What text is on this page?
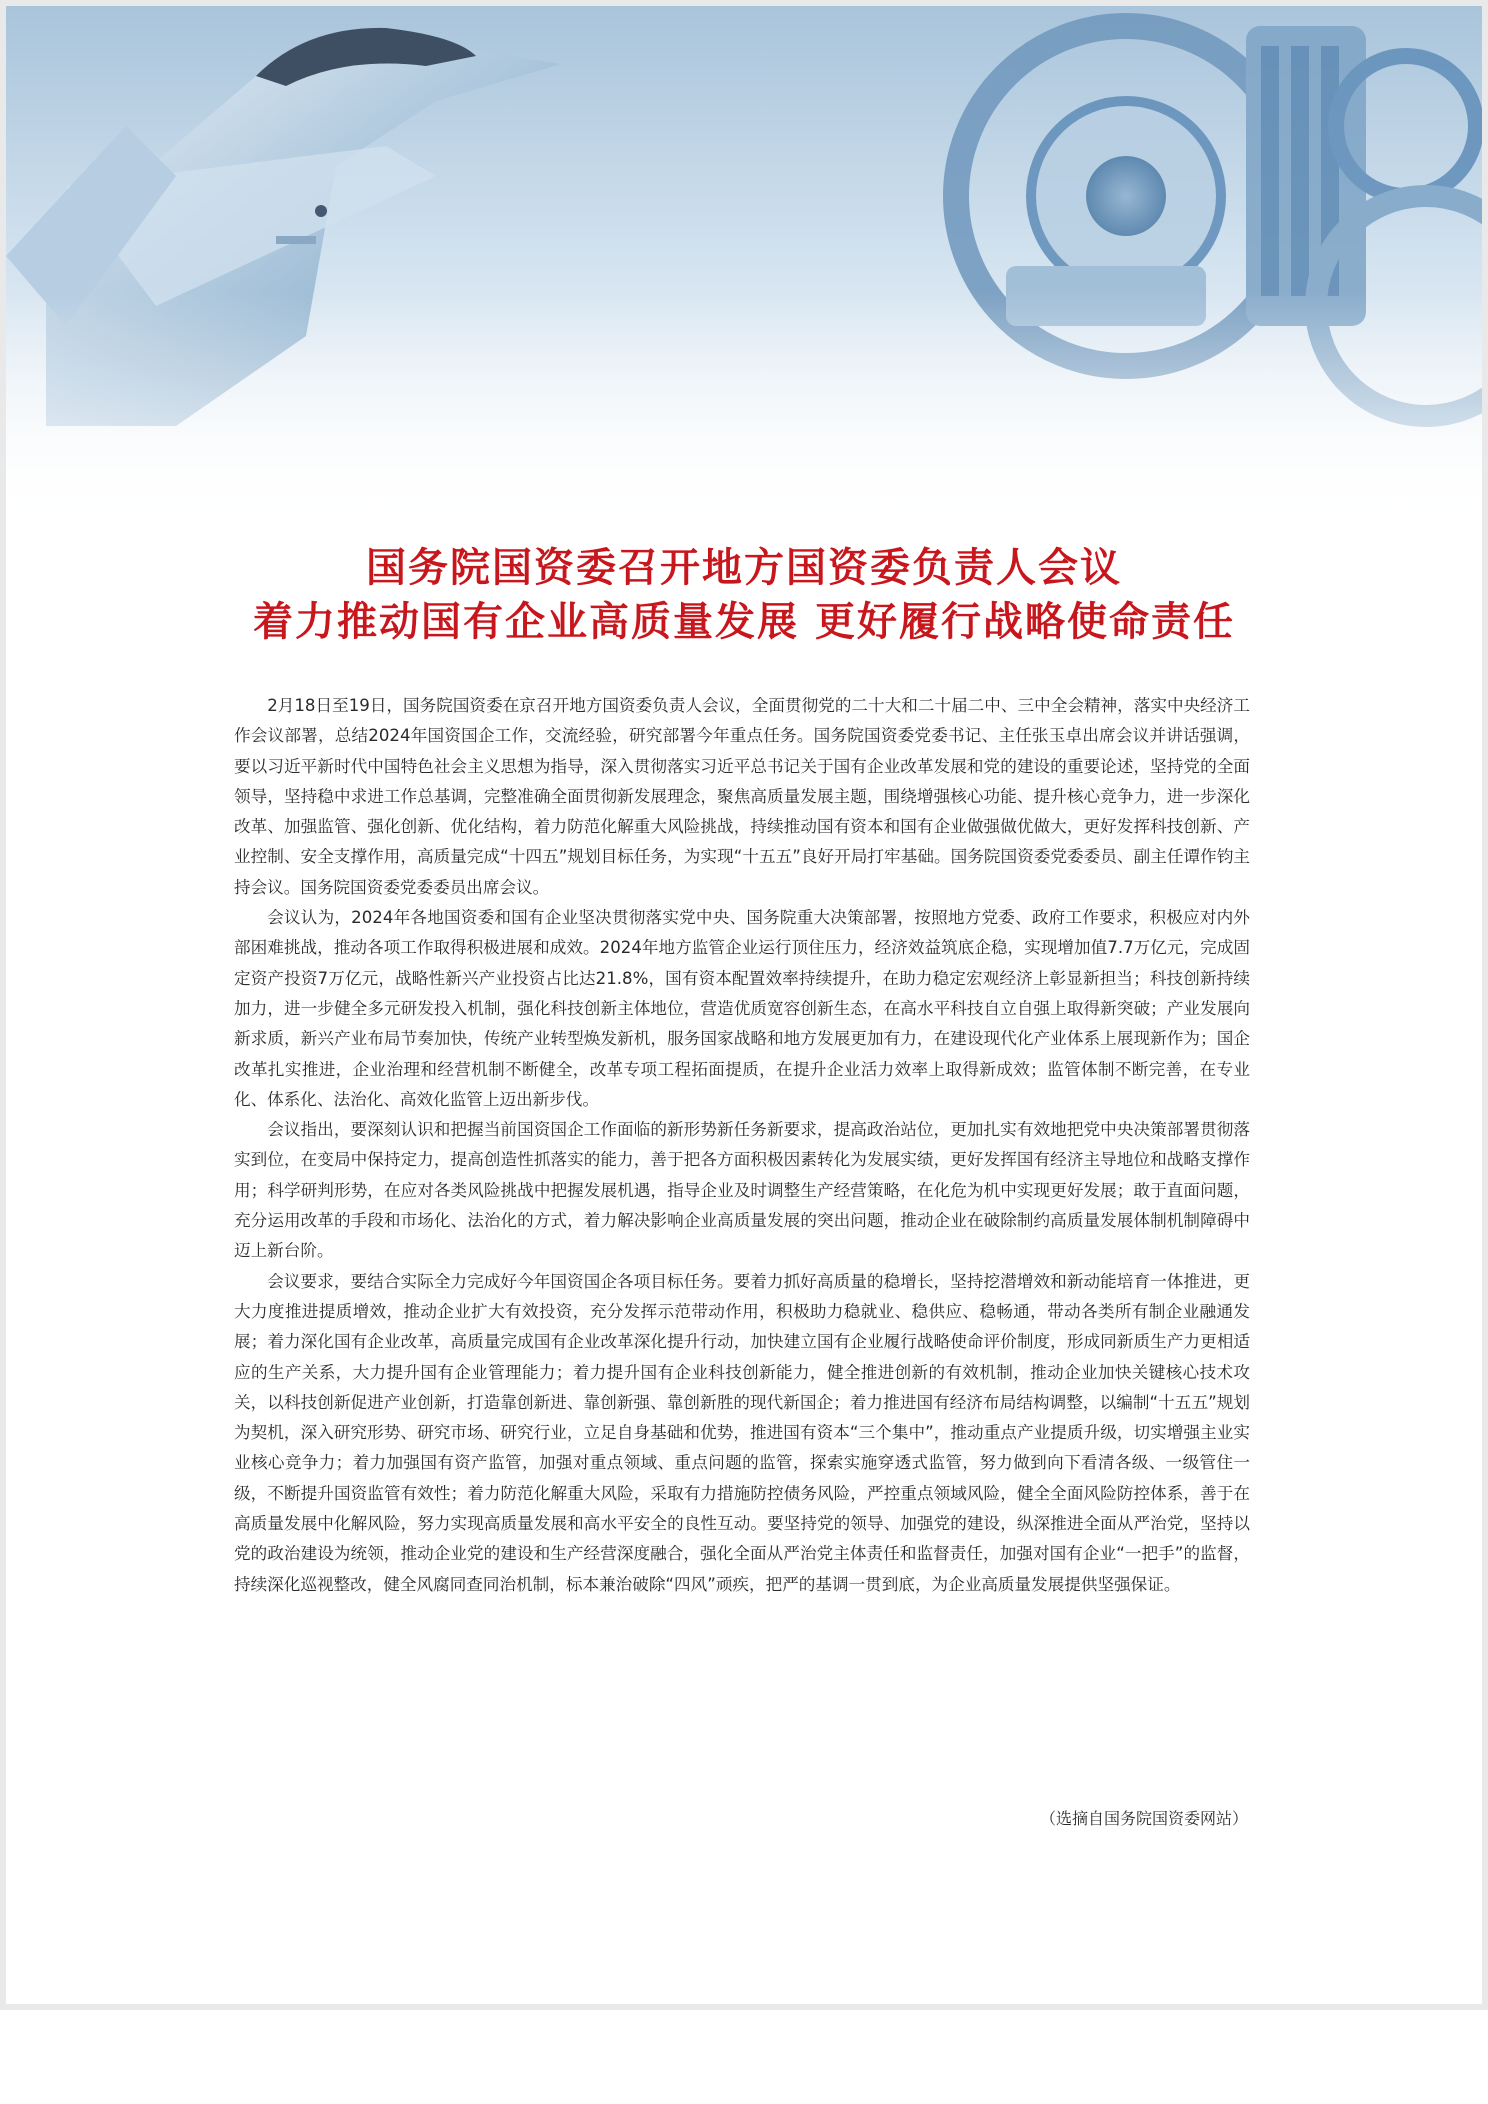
国务院国资委召开地方国资委负责人会议
着力推动国有企业高质量发展 更好履行战略使命责任

2月18日至19日，国务院国资委在京召开地方国资委负责人会议，全面贯彻党的二十大和二十届二中、三中全会精神，落实中央经济工作会议部署，总结2024年国资国企工作，交流经验，研究部署今年重点任务。国务院国资委党委书记、主任张玉卓出席会议并讲话强调，要以习近平新时代中国特色社会主义思想为指导，深入贯彻落实习近平总书记关于国有企业改革发展和党的建设的重要论述，坚持党的全面领导，坚持稳中求进工作总基调，完整准确全面贯彻新发展理念，聚焦高质量发展主题，围绕增强核心功能、提升核心竞争力，进一步深化改革、加强监管、强化创新、优化结构，着力防范化解重大风险挑战，持续推动国有资本和国有企业做强做优做大，更好发挥科技创新、产业控制、安全支撑作用，高质量完成“十四五”规划目标任务，为实现“十五五”良好开局打牢基础。国务院国资委党委委员、副主任谭作钧主持会议。国务院国资委党委委员出席会议。

会议认为，2024年各地国资委和国有企业坚决贯彻落实党中央、国务院重大决策部署，按照地方党委、政府工作要求，积极应对内外部困难挑战，推动各项工作取得积极进展和成效。2024年地方监管企业运行顶住压力，经济效益筑底企稳，实现增加值7.7万亿元，完成固定资产投资7万亿元，战略性新兴产业投资占比达21.8%，国有资本配置效率持续提升，在助力稳定宏观经济上彰显新担当；科技创新持续加力，进一步健全多元研发投入机制，强化科技创新主体地位，营造优质宽容创新生态，在高水平科技自立自强上取得新突破；产业发展向新求质，新兴产业布局节奏加快，传统产业转型焕发新机，服务国家战略和地方发展更加有力，在建设现代化产业体系上展现新作为；国企改革扎实推进，企业治理和经营机制不断健全，改革专项工程拓面提质，在提升企业活力效率上取得新成效；监管体制不断完善，在专业化、体系化、法治化、高效化监管上迈出新步伐。

会议指出，要深刻认识和把握当前国资国企工作面临的新形势新任务新要求，提高政治站位，更加扎实有效地把党中央决策部署贯彻落实到位，在变局中保持定力，提高创造性抓落实的能力，善于把各方面积极因素转化为发展实绩，更好发挥国有经济主导地位和战略支撑作用；科学研判形势，在应对各类风险挑战中把握发展机遇，指导企业及时调整生产经营策略，在化危为机中实现更好发展；敢于直面问题，充分运用改革的手段和市场化、法治化的方式，着力解决影响企业高质量发展的突出问题，推动企业在破除制约高质量发展体制机制障碍中迈上新台阶。

会议要求，要结合实际全力完成好今年国资国企各项目标任务。要着力抓好高质量的稳增长，坚持挖潜增效和新动能培育一体推进，更大力度推进提质增效，推动企业扩大有效投资，充分发挥示范带动作用，积极助力稳就业、稳供应、稳畅通，带动各类所有制企业融通发展；着力深化国有企业改革，高质量完成国有企业改革深化提升行动，加快建立国有企业履行战略使命评价制度，形成同新质生产力更相适应的生产关系，大力提升国有企业管理能力；着力提升国有企业科技创新能力，健全推进创新的有效机制，推动企业加快关键核心技术攻关，以科技创新促进产业创新，打造靠创新进、靠创新强、靠创新胜的现代新国企；着力推进国有经济布局结构调整，以编制“十五五”规划为契机，深入研究形势、研究市场、研究行业，立足自身基础和优势，推进国有资本“三个集中”，推动重点产业提质升级，切实增强主业实业核心竞争力；着力加强国有资产监管，加强对重点领域、重点问题的监管，探索实施穿透式监管，努力做到向下看清各级、一级管住一级，不断提升国资监管有效性；着力防范化解重大风险，采取有力措施防控债务风险，严控重点领域风险，健全全面风险防控体系，善于在高质量发展中化解风险，努力实现高质量发展和高水平安全的良性互动。要坚持党的领导、加强党的建设，纵深推进全面从严治党，坚持以党的政治建设为统领，推动企业党的建设和生产经营深度融合，强化全面从严治党主体责任和监督责任，加强对国有企业“一把手”的监督，持续深化巡视整改，健全风腐同查同治机制，标本兼治破除“四风”顽疾，把严的基调一贯到底，为企业高质量发展提供坚强保证。

（选摘自国务院国资委网站）
